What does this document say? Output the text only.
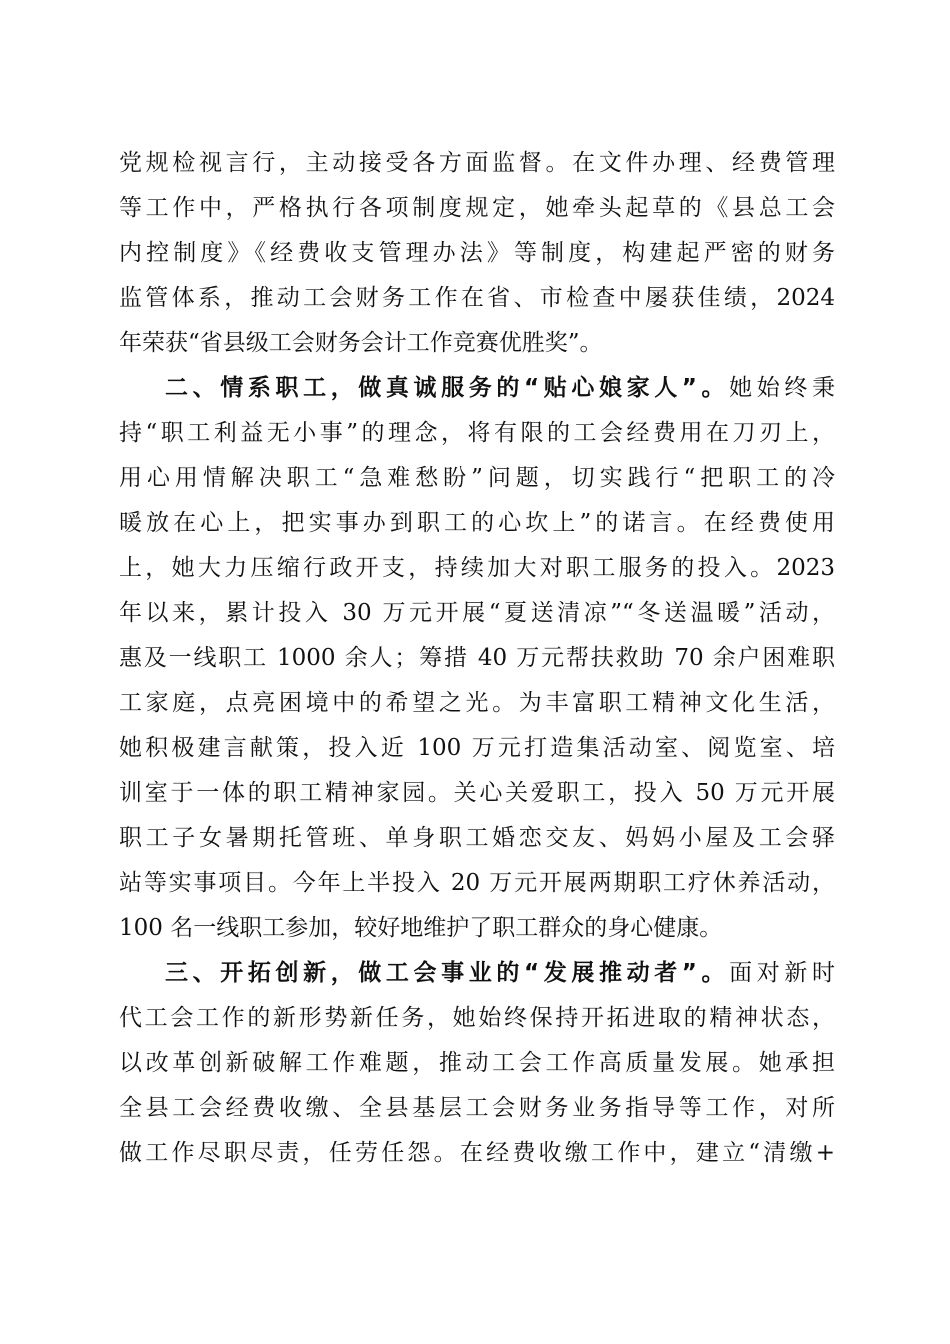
党规检视言行，主动接受各方面监督。在文件办理、经费管理
等工作中，严格执行各项制度规定，她牵头起草的《县总工会
内控制度》《经费收支管理办法》等制度，构建起严密的财务
监管体系，推动工会财务工作在省、市检查中屡获佳绩，2024
年荣获“省县级工会财务会计工作竞赛优胜奖”。
二、情系职工，做真诚服务的“贴心娘家人”。她始终秉
持“职工利益无小事”的理念，将有限的工会经费用在刀刃上，
用心用情解决职工“急难愁盼”问题，切实践行“把职工的冷
暖放在心上，把实事办到职工的心坎上”的诺言。在经费使用
上，她大力压缩行政开支，持续加大对职工服务的投入。2023
年以来，累计投入 30 万元开展“夏送清凉”“冬送温暖”活动，
惠及一线职工 1000 余人；筹措 40 万元帮扶救助 70 余户困难职
工家庭，点亮困境中的希望之光。为丰富职工精神文化生活，
她积极建言献策，投入近 100 万元打造集活动室、阅览室、培
训室于一体的职工精神家园。关心关爱职工，投入 50 万元开展
职工子女暑期托管班、单身职工婚恋交友、妈妈小屋及工会驿
站等实事项目。今年上半投入 20 万元开展两期职工疗休养活动，
100 名一线职工参加，较好地维护了职工群众的身心健康。
三、开拓创新，做工会事业的“发展推动者”。面对新时
代工会工作的新形势新任务，她始终保持开拓进取的精神状态，
以改革创新破解工作难题，推动工会工作高质量发展。她承担
全县工会经费收缴、全县基层工会财务业务指导等工作，对所
做工作尽职尽责，任劳任怨。在经费收缴工作中，建立“清缴+
